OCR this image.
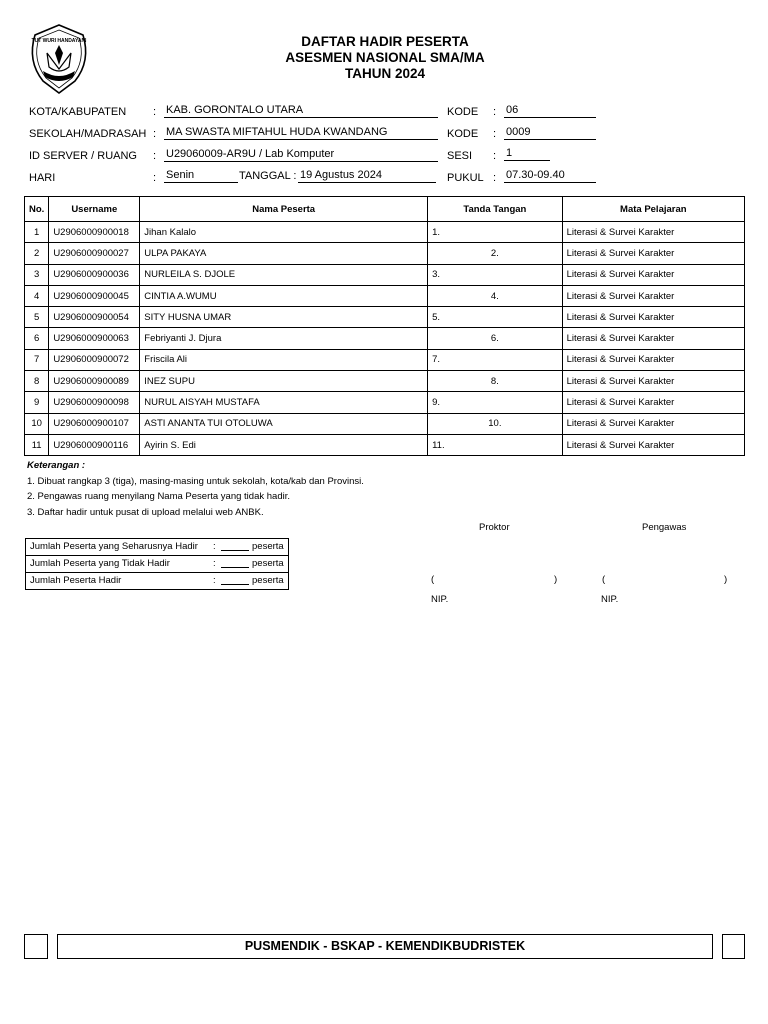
TUT WURI HANDAYANI	DAFTAR HADIR PESERTA
ASESMEN NASIONAL SMA/MA
TAHUN 2024
KOTA/KABUPATEN : KAB. GORONTALO UTARA
SEKOLAH/MADRASAH : MA SWASTA MIFTAHUL HUDA KWANDANG
ID SERVER / RUANG : U29060009-AR9U / Lab Komputer
HARI	: Senin	TANGGAL : 19 Agustus 2024
KODE : 06
KODE : 0009
SESI : 1
PUKUL : 07.30-09.40
No.	Username	Nama Peserta	Tanda Tangan	Mata Pelajaran
1	U2906000900018	Jihan Kalalo	1.	Literasi & Survei Karakter
2	U2906000900027	ULPA PAKAYA	2.	Literasi & Survei Karakter
3	U2906000900036	NURLEILA S. DJOLE	3.	Literasi & Survei Karakter
4	U2906000900045	CINTIA A.WUMU	4.	Literasi & Survei Karakter
5	U2906000900054	SITY HUSNA UMAR	5.	Literasi & Survei Karakter
6	U2906000900063	Febriyanti J. Djura	6.	Literasi & Survei Karakter
7	U2906000900072	Friscila Ali	7.	Literasi & Survei Karakter
8	U2906000900089	INEZ SUPU	8.	Literasi & Survei Karakter
9	U2906000900098	NURUL AISYAH MUSTAFA	9.	Literasi & Survei Karakter
10	U2906000900107	ASTI ANANTA TUI OTOLUWA	10.	Literasi & Survei Karakter
11	U2906000900116	Ayirin S. Edi	11.	Literasi & Survei Karakter
Keterangan :
1. Dibuat rangkap 3 (tiga), masing-masing untuk sekolah, kota/kab dan Provinsi.
2. Pengawas ruang menyilang Nama Peserta yang tidak hadir.
3. Daftar hadir untuk pusat di upload melalui web ANBK.
Jumlah Peserta yang Seharusnya Hadir :	peserta
Jumlah Peserta yang Tidak Hadir	:	peserta
Jumlah Peserta Hadir	:	peserta
Proktor	Pengawas
(	)	(	)
NIP.	NIP.
PUSMENDIK - BSKAP - KEMENDIKBUDRISTEK
